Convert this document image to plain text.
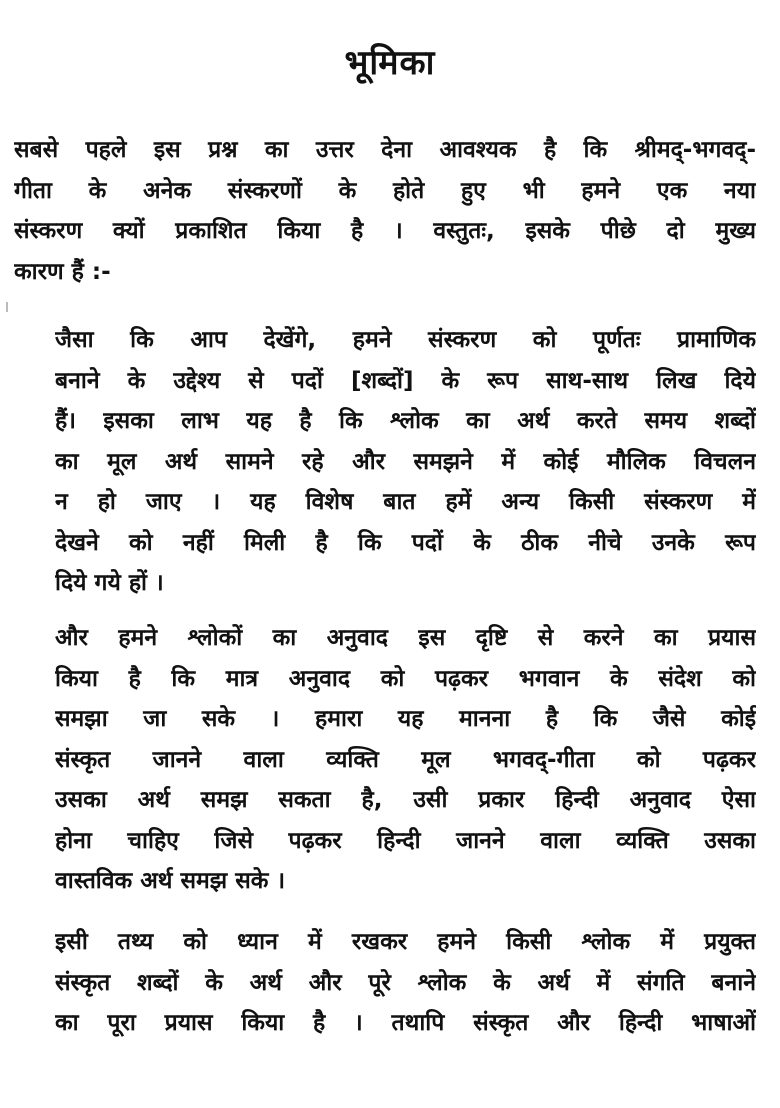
भूमिका
सबसे पहले इस प्रश्न का उत्तर देना आवश्यक है कि श्रीमद्-भगवद्-
गीता के अनेक संस्करणों के होते हुए भी हमने एक नया
संस्करण क्यों प्रकाशित किया है । वस्तुतः, इसके पीछे दो मुख्य
कारण हैं :-
जैसा कि आप देखेंगे, हमने संस्करण को पूर्णतः प्रामाणिक
बनाने के उद्देश्य से पदों [शब्दों] के रूप साथ-साथ लिख दिये
हैं। इसका लाभ यह है कि श्लोक का अर्थ करते समय शब्दों
का मूल अर्थ सामने रहे और समझने में कोई मौलिक विचलन
न हो जाए । यह विशेष बात हमें अन्य किसी संस्करण में
देखने को नहीं मिली है कि पदों के ठीक नीचे उनके रूप
दिये गये हों ।
और हमने श्लोकों का अनुवाद इस दृष्टि से करने का प्रयास
किया है कि मात्र अनुवाद को पढ़कर भगवान के संदेश को
समझा जा सके । हमारा यह मानना है कि जैसे कोई
संस्कृत जानने वाला व्यक्ति मूल भगवद्-गीता को पढ़कर
उसका अर्थ समझ सकता है, उसी प्रकार हिन्दी अनुवाद ऐसा
होना चाहिए जिसे पढ़कर हिन्दी जानने वाला व्यक्ति उसका
वास्तविक अर्थ समझ सके ।
इसी तथ्य को ध्यान में रखकर हमने किसी श्लोक में प्रयुक्त
संस्कृत शब्दों के अर्थ और पूरे श्लोक के अर्थ में संगति बनाने
का पूरा प्रयास किया है । तथापि संस्कृत और हिन्दी भाषाओं
